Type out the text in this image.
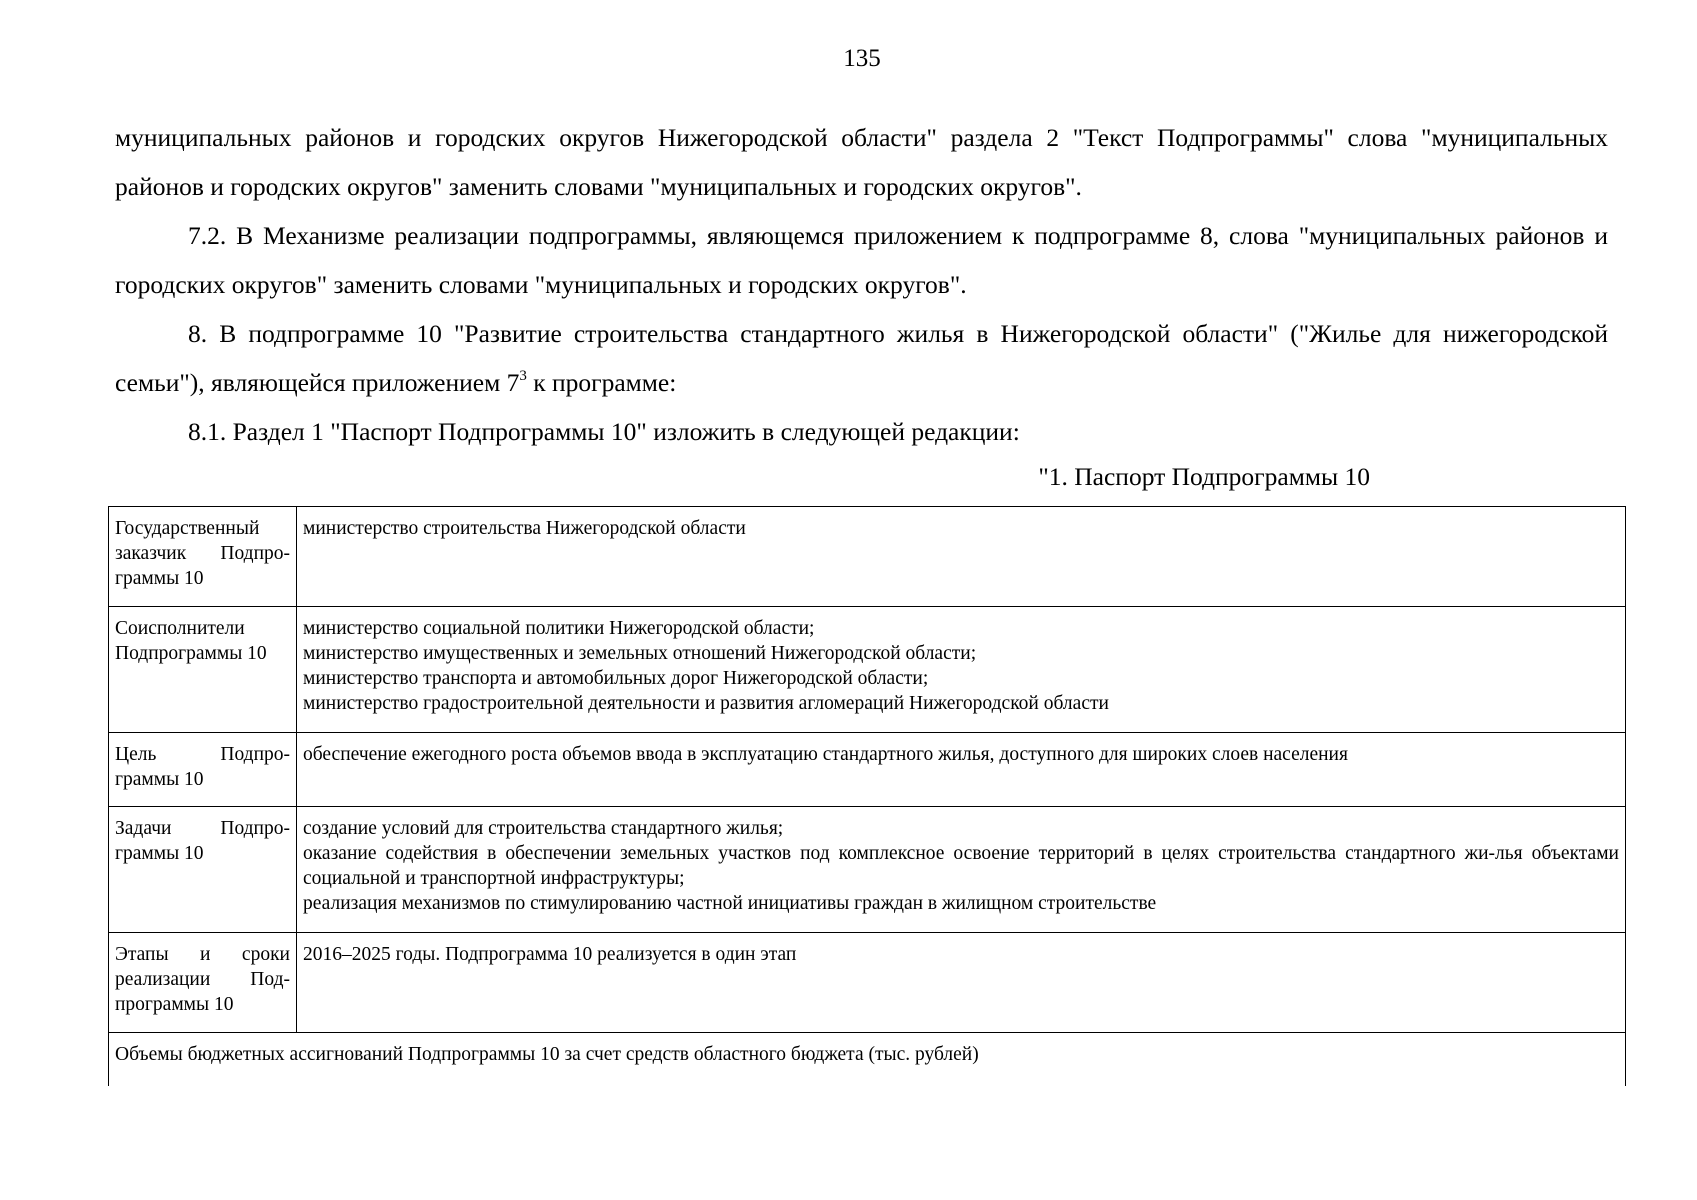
135

муниципальных районов и городских округов Нижегородской области" раздела 2 "Текст Подпрограммы" слова "муниципальных районов и городских округов" заменить словами "муниципальных и городских округов".

7.2. В Механизме реализации подпрограммы, являющемся приложением к подпрограмме 8, слова "муниципальных районов и городских округов" заменить словами "муниципальных и городских округов".

8. В подпрограмме 10 "Развитие строительства стандартного жилья в Нижегородской области" ("Жилье для нижегородской семьи"), являющейся приложением $7^3$ к программе:

8.1. Раздел 1 "Паспорт Подпрограммы 10" изложить в следующей редакции:

"1. Паспорт Подпрограммы 10
Государственный заказчик Подпро-граммы 10	министерство строительства Нижегородской области

Соисполнители Подпрограммы 10	министерство социальной политики Нижегородской области;
министерство имущественных и земельных отношений Нижегородской области;
министерство транспорта и автомобильных дорог Нижегородской области;
министерство градостроительной деятельности и развития агломераций Нижегородской области

Цель Подпро-граммы 10	обеспечение ежегодного роста объемов ввода в эксплуатацию стандартного жилья, доступного для широких слоев населения

Задачи Подпро-граммы 10	создание условий для строительства стандартного жилья;
оказание содействия в обеспечении земельных участков под комплексное освоение территорий в целях строительства стандартного жи-лья объектами социальной и транспортной инфраструктуры;
реализация механизмов по стимулированию частной инициативы граждан в жилищном строительстве

Этапы и сроки реализации Под-программы 10	2016–2025 годы. Подпрограмма 10 реализуется в один этап

Объемы бюджетных ассигнований Подпрограммы 10 за счет средств областного бюджета (тыс. рублей)	
